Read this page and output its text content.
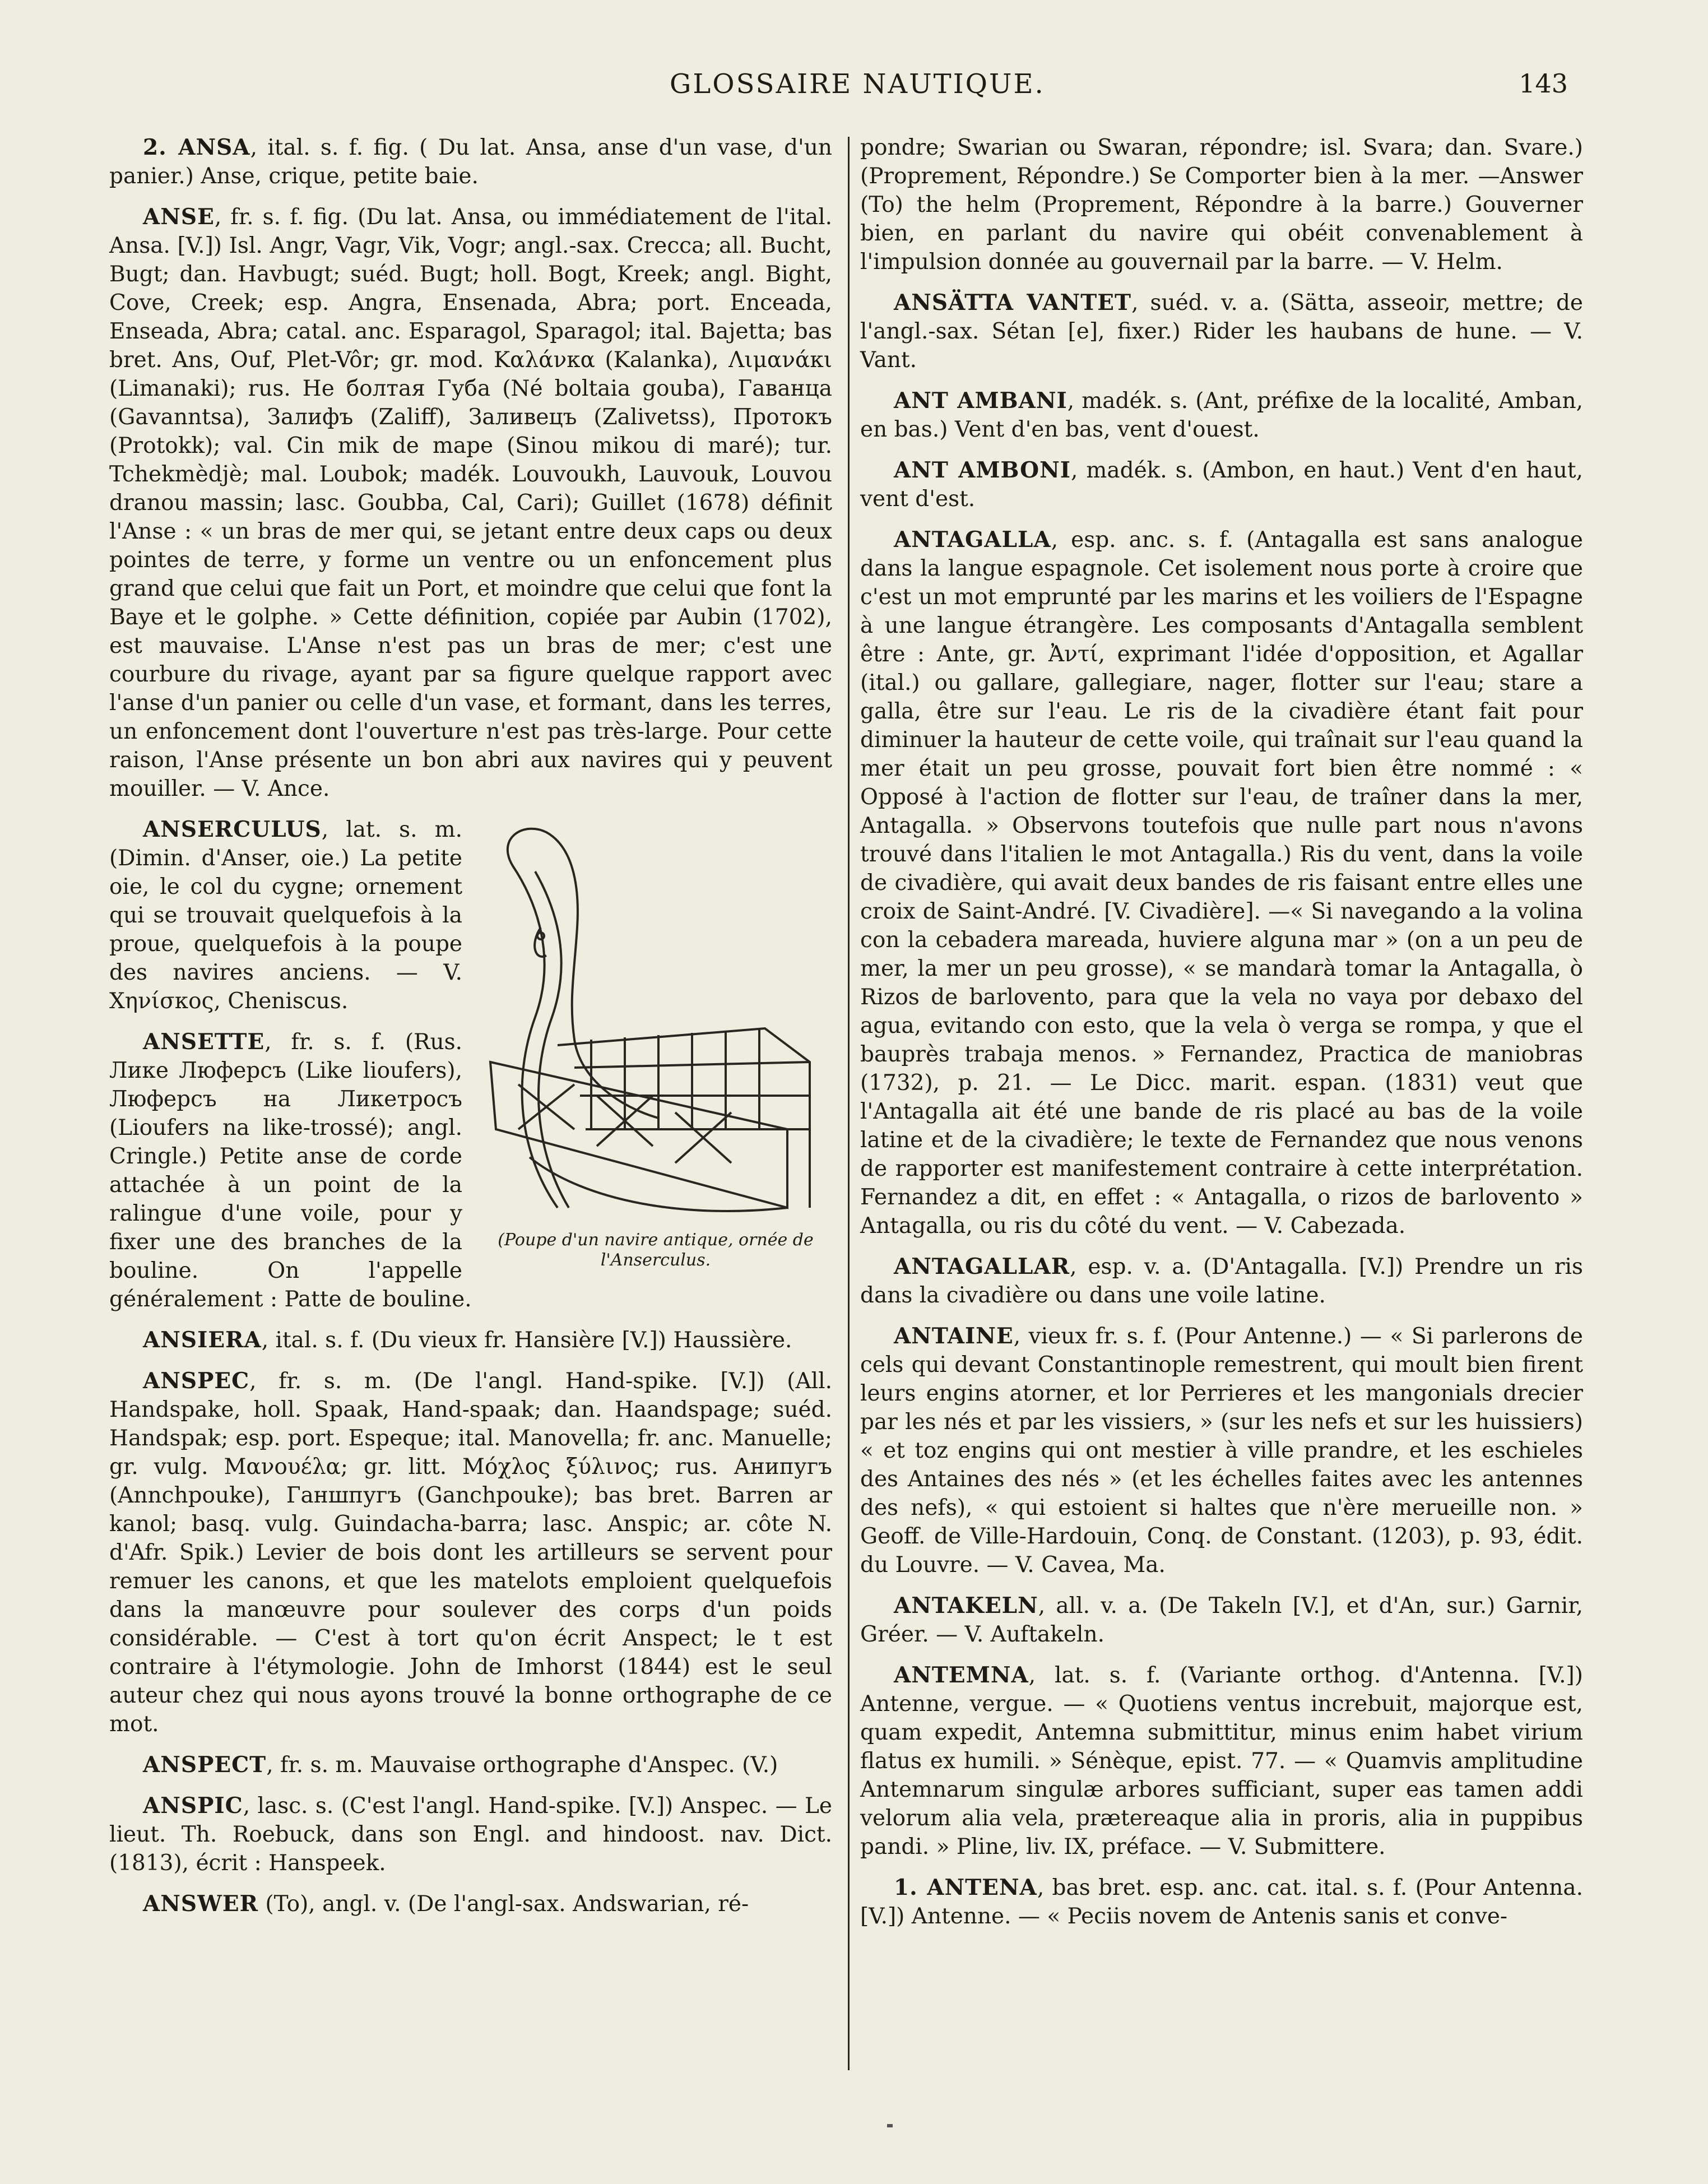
GLOSSAIRE NAUTIQUE.	143

2. ANSA, ital. s. f. fig. ( Du lat. Ansa, anse d'un vase, d'un panier.) Anse, crique, petite baie.

ANSE, fr. s. f. fig. (Du lat. Ansa, ou immédiatement de l'ital. Ansa. [V.]) Isl. Angr, Vagr, Vik, Vogr; angl.-sax. Crecca; all. Bucht, Bugt; dan. Havbugt; suéd. Bugt; holl. Bogt, Kreek; angl. Bight, Cove, Creek; esp. Angra, Ensenada, Abra; port. Enceada, Enseada, Abra; catal. anc. Esparagol, Sparagol; ital. Bajetta; bas bret. Ans, Ouf, Plet-Vôr; gr. mod. Καλάνκα (Kalanka), Λιμανάκι (Limanaki); rus. Не болтая Губа (Né boltaia gouba), Гаванца (Gavanntsa), Залифъ (Zaliff), Заливецъ (Zalivetss), Протокъ (Protokk); val. Cin mik de mape (Sinou mikou di maré); tur. Tchekmèdjè; mal. Loubok; madék. Louvoukh, Lauvouk, Louvou dranou massin; lasc. Goubba, Cal, Cari); Guillet (1678) définit l'Anse : « un bras de mer qui, se jetant entre deux caps ou deux pointes de terre, y forme un ventre ou un enfoncement plus grand que celui que fait un Port, et moindre que celui que font la Baye et le golphe. » Cette définition, copiée par Aubin (1702), est mauvaise. L'Anse n'est pas un bras de mer; c'est une courbure du rivage, ayant par sa figure quelque rapport avec l'anse d'un panier ou celle d'un vase, et formant, dans les terres, un enfoncement dont l'ouverture n'est pas très-large. Pour cette raison, l'Anse présente un bon abri aux navires qui y peuvent mouiller. — V. Ance.

(Poupe d'un navire antique, ornée de l'Anserculus.

ANSERCULUS, lat. s. m. (Dimin. d'Anser, oie.) La petite oie, le col du cygne; ornement qui se trouvait quelquefois à la proue, quelquefois à la poupe des navires anciens. — V. Χηνίσκος, Cheniscus.

ANSETTE, fr. s. f. (Rus. Лике Люферсъ (Like lioufers), Люферсъ на Ликетросъ (Lioufers na like-trossé); angl. Cringle.) Petite anse de corde attachée à un point de la ralingue d'une voile, pour y fixer une des branches de la bouline. On l'appelle généralement : Patte de bouline.

ANSIERA, ital. s. f. (Du vieux fr. Hansière [V.]) Haussière.

ANSPEC, fr. s. m. (De l'angl. Hand-spike. [V.]) (All. Handspake, holl. Spaak, Hand-spaak; dan. Haandspage; suéd. Handspak; esp. port. Espeque; ital. Manovella; fr. anc. Manuelle; gr. vulg. Μανουέλα; gr. litt. Μόχλος ξύλινος; rus. Анипугъ (Annchpouke), Ганшпугъ (Ganchpouke); bas bret. Barren ar kanol; basq. vulg. Guindacha-barra; lasc. Anspic; ar. côte N. d'Afr. Spik.) Levier de bois dont les artilleurs se servent pour remuer les canons, et que les matelots emploient quelquefois dans la manœuvre pour soulever des corps d'un poids considérable. — C'est à tort qu'on écrit Anspect; le t est contraire à l'étymologie. John de Imhorst (1844) est le seul auteur chez qui nous ayons trouvé la bonne orthographe de ce mot.

ANSPECT, fr. s. m. Mauvaise orthographe d'Anspec. (V.)

ANSPIC, lasc. s. (C'est l'angl. Hand-spike. [V.]) Anspec. — Le lieut. Th. Roebuck, dans son Engl. and hindoost. nav. Dict. (1813), écrit : Hanspeek.

ANSWER (To), angl. v. (De l'angl-sax. Andswarian, ré-

pondre; Swarian ou Swaran, répondre; isl. Svara; dan. Svare.) (Proprement, Répondre.) Se Comporter bien à la mer. —Answer (To) the helm (Proprement, Répondre à la barre.) Gouverner bien, en parlant du navire qui obéit convenablement à l'impulsion donnée au gouvernail par la barre. — V. Helm.

ANSÄTTA VANTET, suéd. v. a. (Sätta, asseoir, mettre; de l'angl.-sax. Sétan [e], fixer.) Rider les haubans de hune. — V. Vant.

ANT AMBANI, madék. s. (Ant, préfixe de la localité, Amban, en bas.) Vent d'en bas, vent d'ouest.

ANT AMBONI, madék. s. (Ambon, en haut.) Vent d'en haut, vent d'est.

ANTAGALLA, esp. anc. s. f. (Antagalla est sans analogue dans la langue espagnole. Cet isolement nous porte à croire que c'est un mot emprunté par les marins et les voiliers de l'Espagne à une langue étrangère. Les composants d'Antagalla semblent être : Ante, gr. Ἀντί, exprimant l'idée d'opposition, et Agallar (ital.) ou gallare, gallegiare, nager, flotter sur l'eau; stare a galla, être sur l'eau. Le ris de la civadière étant fait pour diminuer la hauteur de cette voile, qui traînait sur l'eau quand la mer était un peu grosse, pouvait fort bien être nommé : « Opposé à l'action de flotter sur l'eau, de traîner dans la mer, Antagalla. » Observons toutefois que nulle part nous n'avons trouvé dans l'italien le mot Antagalla.) Ris du vent, dans la voile de civadière, qui avait deux bandes de ris faisant entre elles une croix de Saint-André. [V. Civadière]. —« Si navegando a la volina con la cebadera mareada, huviere alguna mar » (on a un peu de mer, la mer un peu grosse), « se mandarà tomar la Antagalla, ò Rizos de barlovento, para que la vela no vaya por debaxo del agua, evitando con esto, que la vela ò verga se rompa, y que el bauprès trabaja menos. » Fernandez, Practica de maniobras (1732), p. 21. — Le Dicc. marit. espan. (1831) veut que l'Antagalla ait été une bande de ris placé au bas de la voile latine et de la civadière; le texte de Fernandez que nous venons de rapporter est manifestement contraire à cette interprétation. Fernandez a dit, en effet : « Antagalla, o rizos de barlovento » Antagalla, ou ris du côté du vent. — V. Cabezada.

ANTAGALLAR, esp. v. a. (D'Antagalla. [V.]) Prendre un ris dans la civadière ou dans une voile latine.

ANTAINE, vieux fr. s. f. (Pour Antenne.) — « Si parlerons de cels qui devant Constantinople remestrent, qui moult bien firent leurs engins atorner, et lor Perrieres et les mangonials drecier par les nés et par les vissiers, » (sur les nefs et sur les huissiers) « et toz engins qui ont mestier à ville prandre, et les eschieles des Antaines des nés » (et les échelles faites avec les antennes des nefs), « qui estoient si haltes que n'ère merueille non. » Geoff. de Ville-Hardouin, Conq. de Constant. (1203), p. 93, édit. du Louvre. — V. Cavea, Ma.

ANTAKELN, all. v. a. (De Takeln [V.], et d'An, sur.) Garnir, Gréer. — V. Auftakeln.

ANTEMNA, lat. s. f. (Variante orthog. d'Antenna. [V.]) Antenne, vergue. — « Quotiens ventus increbuit, majorque est, quam expedit, Antemna submittitur, minus enim habet virium flatus ex humili. » Sénèque, epist. 77. — « Quamvis amplitudine Antemnarum singulæ arbores sufficiant, super eas tamen addi velorum alia vela, prætereaque alia in proris, alia in puppibus pandi. » Pline, liv. IX, préface. — V. Submittere.

1. ANTENA, bas bret. esp. anc. cat. ital. s. f. (Pour Antenna. [V.]) Antenne. — « Peciis novem de Antenis sanis et conve-
